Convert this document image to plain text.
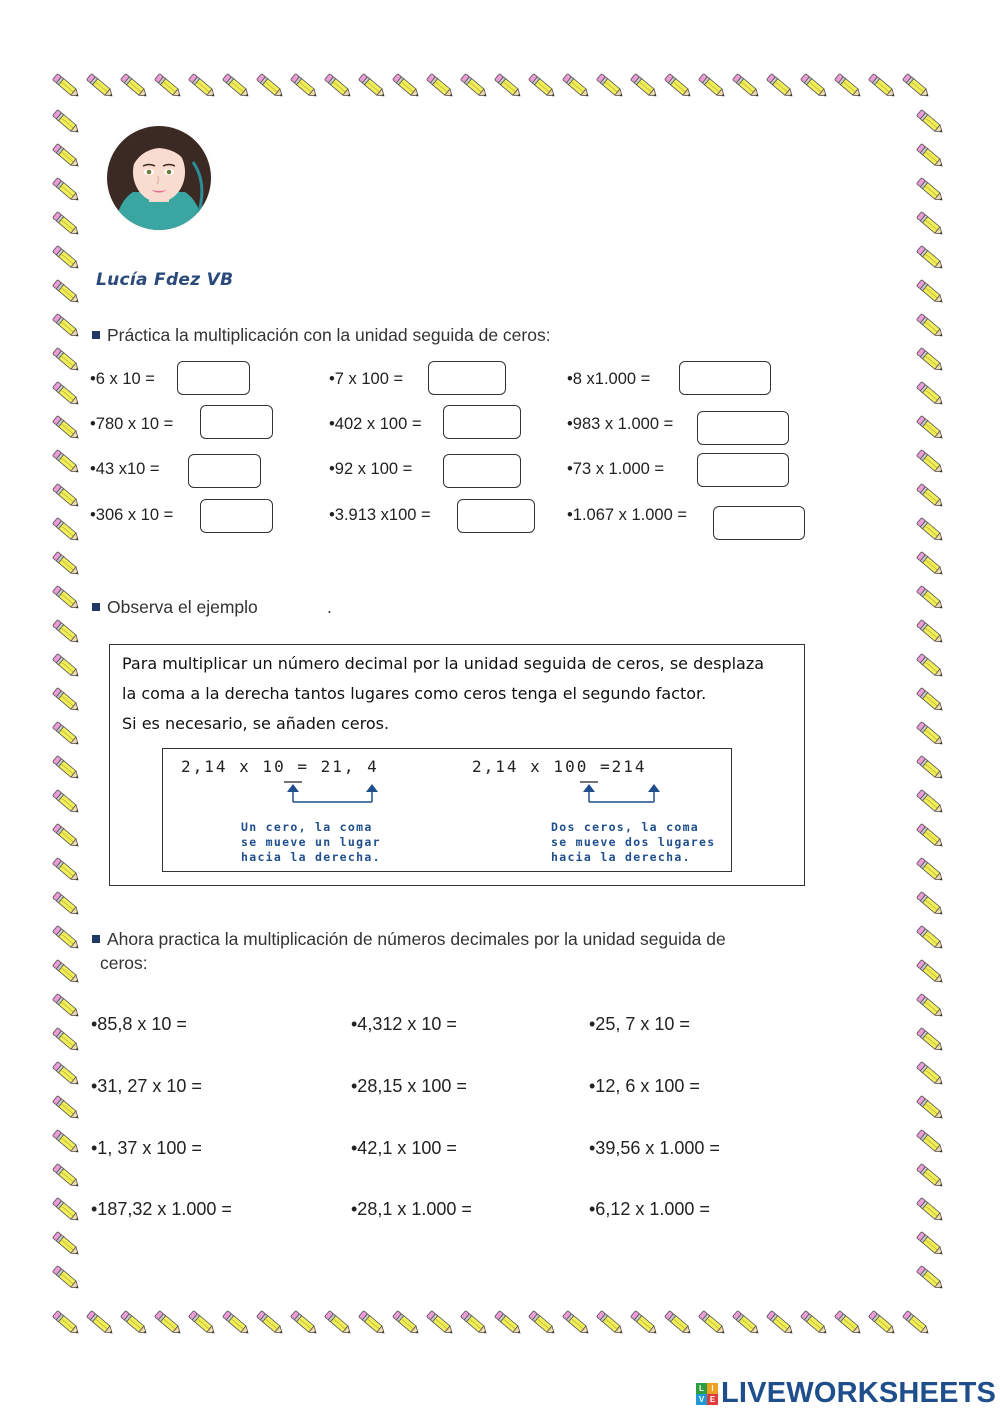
Lucía Fdez VB
Práctica la multiplicación con la unidad seguida de ceros:
•6 x 10 =	•7 x 100 =	•8 x1.000 =
•780 x 10 =	•402 x 100 =	•983 x 1.000 =
•43 x10 =	•92 x 100 =	•73 x 1.000 =
•306 x 10 =	•3.913 x100 =	•1.067 x 1.000 =
Observa el ejemplo	.
Para multiplicar un número decimal por la unidad seguida de ceros, se desplaza
la coma a la derecha tantos lugares como ceros tenga el segundo factor.
Si es necesario, se añaden ceros.
2,14 x 10 = 21, 4	2,14 x 100 =214
Un cero, la coma
se mueve un lugar
hacia la derecha.
Dos ceros, la coma
se mueve dos lugares
hacia la derecha.
Ahora practica la multiplicación de números decimales por la unidad seguida de
ceros:
•85,8 x 10 =	•4,312 x 10 =	•25, 7 x 10 =
•31, 27 x 10 =	•28,15 x 100 =	•12, 6 x 100 =
•1, 37 x 100 =	•42,1 x 100 =	•39,56 x 1.000 =
•187,32 x 1.000 =	•28,1 x 1.000 =	•6,12 x 1.000 =
L I
V E LIVEWORKSHEETS
